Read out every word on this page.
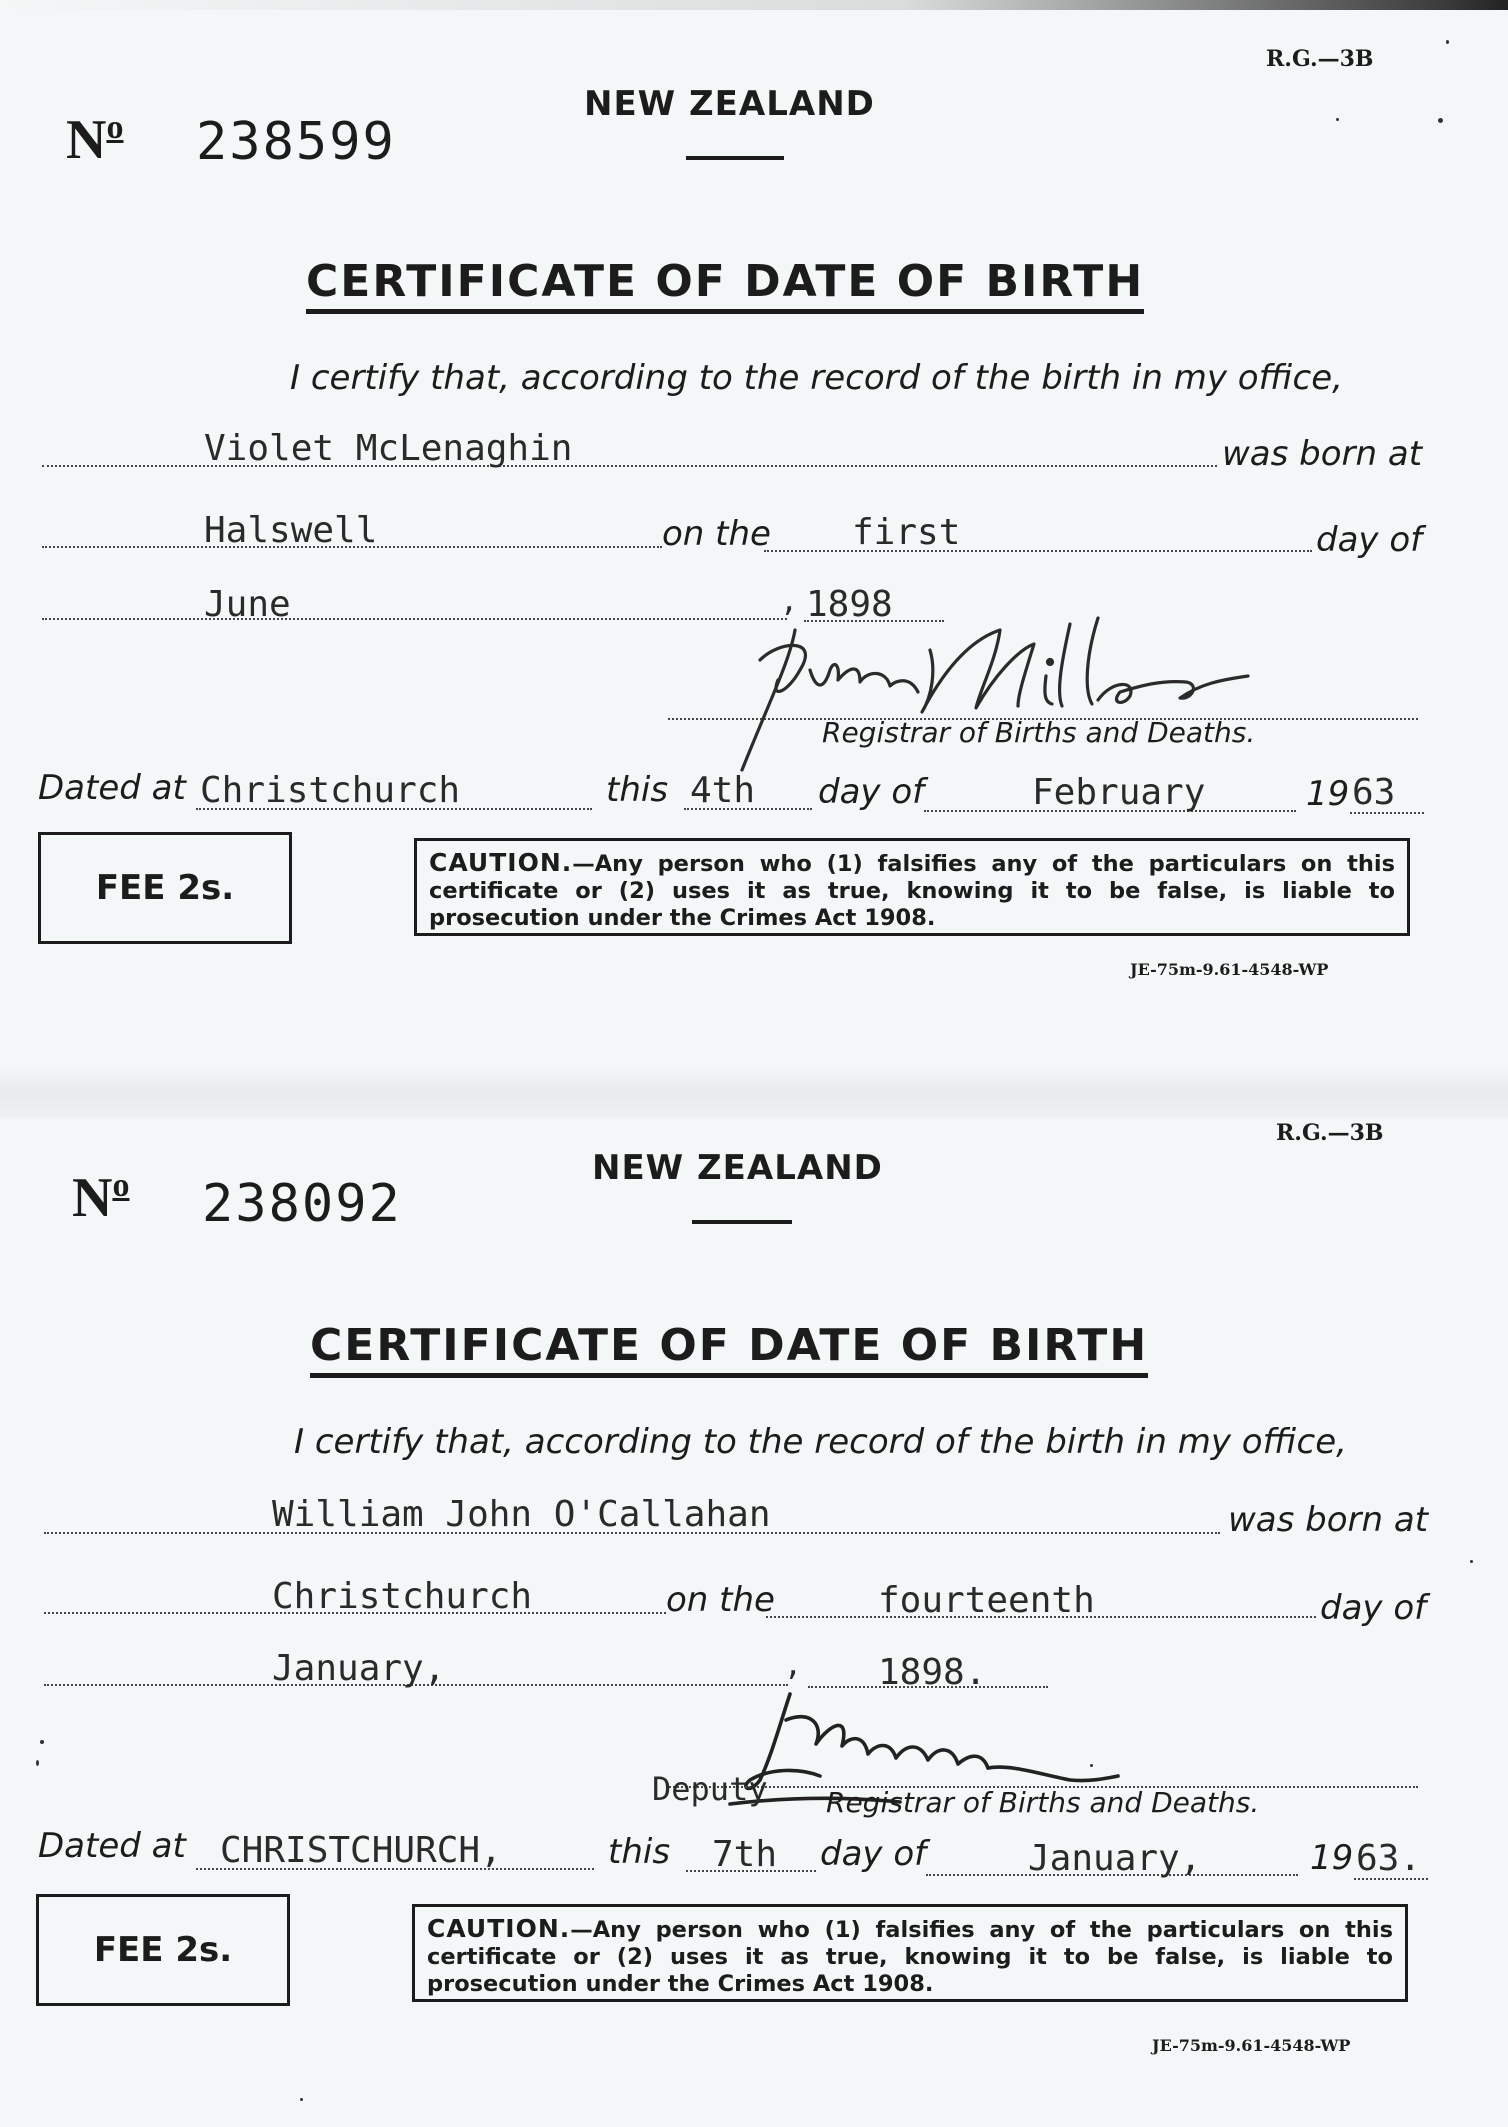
R.G.—3B
$N^o$ 238599
NEW ZEALAND
CERTIFICATE OF DATE OF BIRTH
I certify that, according to the record of the birth in my office,
Violet McLenaghin	was born at
Halswell	on the first	day of
June	, 1898
Registrar of Births and Deaths.
Dated at Christchurch	this 4th day of	February	19 63
FEE 2s.
CAUTION.—Any person who (1) falsifies any of the particulars on this certificate or (2) uses it as true, knowing it to be false, is liable to prosecution under the Crimes Act 1908.
JE-75m-9.61-4548-WP
R.G.—3B
$N^o$ 238092
NEW ZEALAND
CERTIFICATE OF DATE OF BIRTH
I certify that, according to the record of the birth in my office,
William John O'Callahan	was born at
Christchurch	on the	fourteenth	day of
January,	, 1898.
Deputy Registrar of Births and Deaths.
Dated at CHRISTCHURCH,	this 7th day of	January,	19 63.
FEE 2s.
CAUTION.—Any person who (1) falsifies any of the particulars on this certificate or (2) uses it as true, knowing it to be false, is liable to prosecution under the Crimes Act 1908.
JE-75m-9.61-4548-WP
